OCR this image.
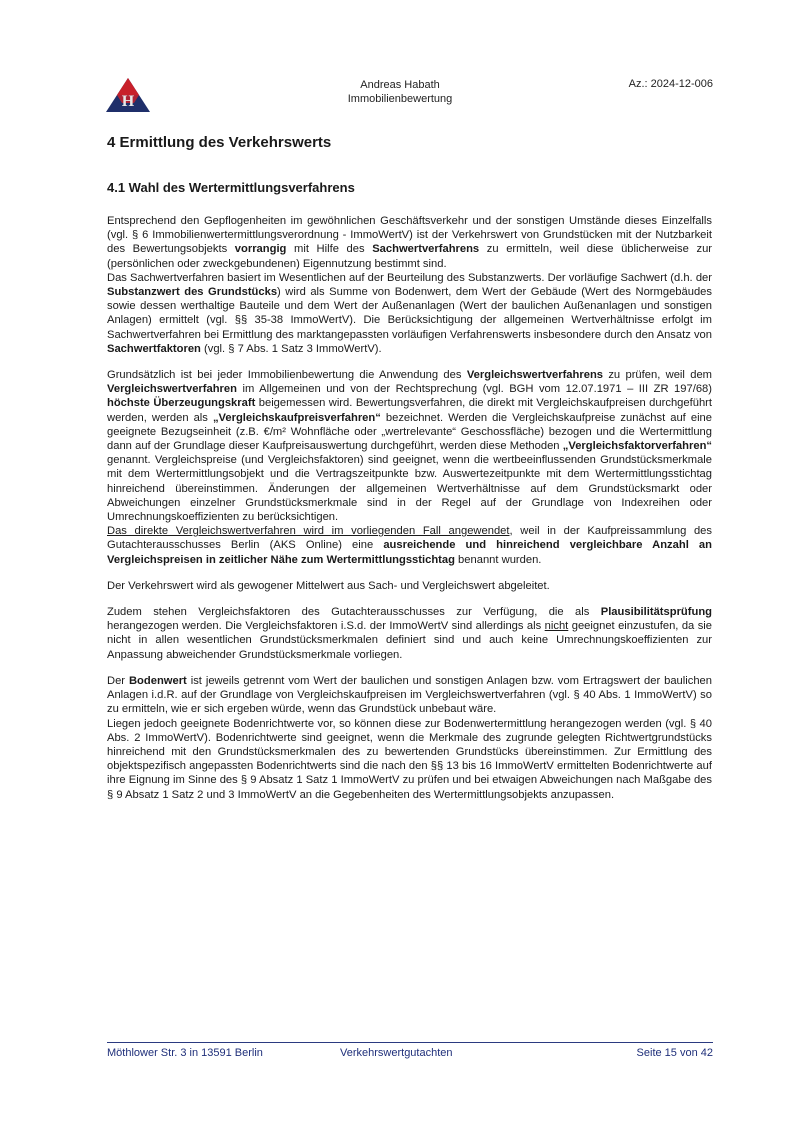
H
Andreas Habath
Immobilienbewertung
Az.: 2024-12-006
4 Ermittlung des Verkehrswerts
4.1 Wahl des Wertermittlungsverfahrens

Entsprechend den Gepflogenheiten im gewöhnlichen Geschäftsverkehr und der sonstigen Umstände dieses Einzelfalls (vgl. § 6 Immobilienwertermittlungsverordnung - ImmoWertV) ist der Verkehrswert von Grundstücken mit der Nutzbarkeit des Bewertungsobjekts vorrangig mit Hilfe des Sachwertverfahrens zu ermitteln, weil diese üblicherweise zur (persönlichen oder zweckgebundenen) Eigennutzung bestimmt sind.

Das Sachwertverfahren basiert im Wesentlichen auf der Beurteilung des Substanzwerts. Der vorläufige Sachwert (d.h. der Substanzwert des Grundstücks) wird als Summe von Bodenwert, dem Wert der Gebäude (Wert des Normgebäudes sowie dessen werthaltige Bauteile und dem Wert der Außenanlagen (Wert der baulichen Außenanlagen und sonstigen Anlagen) ermittelt (vgl. §§ 35-38 ImmoWertV). Die Berücksichtigung der allgemeinen Wertverhältnisse erfolgt im Sachwertverfahren bei Ermittlung des marktangepassten vorläufigen Verfahrenswerts insbesondere durch den Ansatz von Sachwertfaktoren (vgl. § 7 Abs. 1 Satz 3 ImmoWertV).

Grundsätzlich ist bei jeder Immobilienbewertung die Anwendung des Vergleichswertverfahrens zu prüfen, weil dem Vergleichswertverfahren im Allgemeinen und von der Rechtsprechung (vgl. BGH vom 12.07.1971 – III ZR 197/68) höchste Überzeugungskraft beigemessen wird. Bewertungsverfahren, die direkt mit Vergleichskaufpreisen durchgeführt werden, werden als „Vergleichskaufpreisverfahren“ bezeichnet. Werden die Vergleichskaufpreise zunächst auf eine geeignete Bezugseinheit (z.B. €/m² Wohnfläche oder „wertrelevante“ Geschossfläche) bezogen und die Wertermittlung dann auf der Grundlage dieser Kaufpreisauswertung durchgeführt, werden diese Methoden „Vergleichsfaktorverfahren“ genannt. Vergleichspreise (und Vergleichsfaktoren) sind geeignet, wenn die wertbeeinflussenden Grundstücksmerkmale mit dem Wertermittlungsobjekt und die Vertragszeitpunkte bzw. Auswertezeitpunkte mit dem Wertermittlungsstichtag hinreichend übereinstimmen. Änderungen der allgemeinen Wertverhältnisse auf dem Grundstücksmarkt oder Abweichungen einzelner Grundstücksmerkmale sind in der Regel auf der Grundlage von Indexreihen oder Umrechnungskoeffizienten zu berücksichtigen.

Das direkte Vergleichswertverfahren wird im vorliegenden Fall angewendet, weil in der Kaufpreissammlung des Gutachterausschusses Berlin (AKS Online) eine ausreichende und hinreichend vergleichbare Anzahl an Vergleichspreisen in zeitlicher Nähe zum Wertermittlungsstichtag benannt wurden.

Der Verkehrswert wird als gewogener Mittelwert aus Sach- und Vergleichswert abgeleitet.

Zudem stehen Vergleichsfaktoren des Gutachterausschusses zur Verfügung, die als Plausibilitätsprüfung herangezogen werden. Die Vergleichsfaktoren i.S.d. der ImmoWertV sind allerdings als nicht geeignet einzustufen, da sie nicht in allen wesentlichen Grundstücksmerkmalen definiert sind und auch keine Umrechnungskoeffizienten zur Anpassung abweichender Grundstücksmerkmale vorliegen.

Der Bodenwert ist jeweils getrennt vom Wert der baulichen und sonstigen Anlagen bzw. vom Ertragswert der baulichen Anlagen i.d.R. auf der Grundlage von Vergleichskaufpreisen im Vergleichswertverfahren (vgl. § 40 Abs. 1 ImmoWertV) so zu ermitteln, wie er sich ergeben würde, wenn das Grundstück unbebaut wäre.

Liegen jedoch geeignete Bodenrichtwerte vor, so können diese zur Bodenwertermittlung herangezogen werden (vgl. § 40 Abs. 2 ImmoWertV). Bodenrichtwerte sind geeignet, wenn die Merkmale des zugrunde gelegten Richtwertgrundstücks hinreichend mit den Grundstücksmerkmalen des zu bewertenden Grundstücks übereinstimmen. Zur Ermittlung des objektspezifisch angepassten Bodenrichtwerts sind die nach den §§ 13 bis 16 ImmoWertV ermittelten Bodenrichtwerte auf ihre Eignung im Sinne des § 9 Absatz 1 Satz 1 ImmoWertV zu prüfen und bei etwaigen Abweichungen nach Maßgabe des § 9 Absatz 1 Satz 2 und 3 ImmoWertV an die Gegebenheiten des Wertermittlungsobjekts anzupassen.

Möthlower Str. 3 in 13591 Berlin	Verkehrswertgutachten	Seite 15 von 42
